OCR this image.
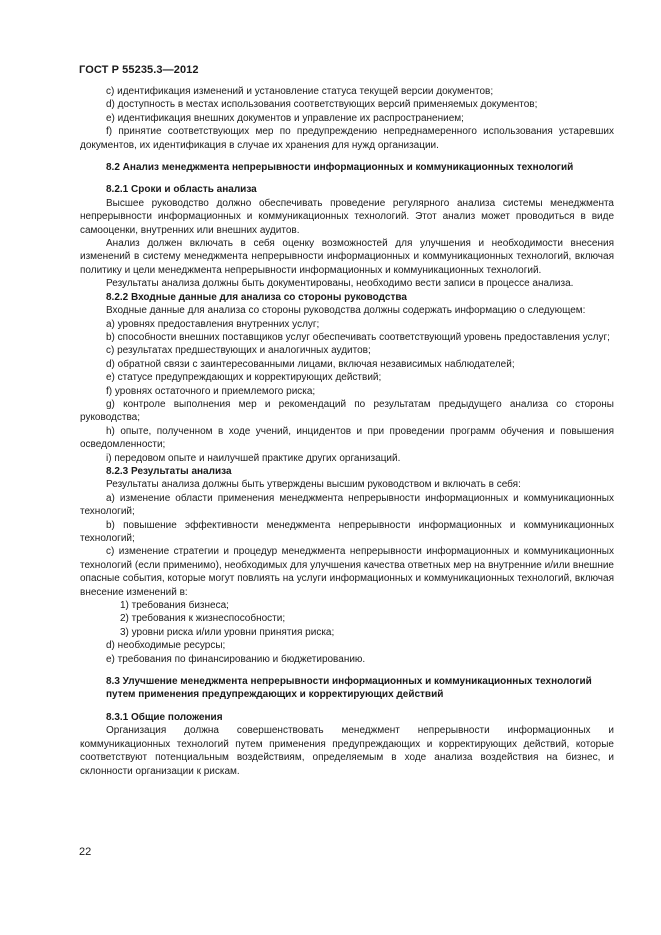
ГОСТ Р 55235.3—2012

c) идентификация изменений и установление статуса текущей версии документов;

d) доступность в местах использования соответствующих версий применяемых документов;

e) идентификация внешних документов и управление их распространением;

f) принятие соответствующих мер по предупреждению непреднамеренного использования устаревших документов, их идентификация в случае их хранения для нужд организации.

8.2 Анализ менеджмента непрерывности информационных и коммуникационных технологий

8.2.1 Сроки и область анализа

Высшее руководство должно обеспечивать проведение регулярного анализа системы менеджмента непрерывности информационных и коммуникационных технологий. Этот анализ может проводиться в виде самооценки, внутренних или внешних аудитов.

Анализ должен включать в себя оценку возможностей для улучшения и необходимости внесения изменений в систему менеджмента непрерывности информационных и коммуникационных технологий, включая политику и цели менеджмента непрерывности информационных и коммуникационных технологий.

Результаты анализа должны быть документированы, необходимо вести записи в процессе анализа.

8.2.2 Входные данные для анализа со стороны руководства

Входные данные для анализа со стороны руководства должны содержать информацию о следующем:

a) уровнях предоставления внутренних услуг;

b) способности внешних поставщиков услуг обеспечивать соответствующий уровень предоставления услуг;

c) результатах предшествующих и аналогичных аудитов;

d) обратной связи с заинтересованными лицами, включая независимых наблюдателей;

e) статусе предупреждающих и корректирующих действий;

f) уровнях остаточного и приемлемого риска;

g) контроле выполнения мер и рекомендаций по результатам предыдущего анализа со стороны руководства;

h) опыте, полученном в ходе учений, инцидентов и при проведении программ обучения и повышения осведомленности;

i) передовом опыте и наилучшей практике других организаций.

8.2.3 Результаты анализа

Результаты анализа должны быть утверждены высшим руководством и включать в себя:

a) изменение области применения менеджмента непрерывности информационных и коммуникационных технологий;

b) повышение эффективности менеджмента непрерывности информационных и коммуникационных технологий;

c) изменение стратегии и процедур менеджмента непрерывности информационных и коммуникационных технологий (если применимо), необходимых для улучшения качества ответных мер на внутренние и/или внешние опасные события, которые могут повлиять на услуги информационных и коммуникационных технологий, включая внесение изменений в:

1) требования бизнеса;

2) требования к жизнеспособности;

3) уровни риска и/или уровни принятия риска;

d) необходимые ресурсы;

e) требования по финансированию и бюджетированию.

8.3 Улучшение менеджмента непрерывности информационных и коммуникационных технологий путем применения предупреждающих и корректирующих действий

8.3.1 Общие положения

Организация должна совершенствовать менеджмент непрерывности информационных и коммуникационных технологий путем применения предупреждающих и корректирующих действий, которые соответствуют потенциальным воздействиям, определяемым в ходе анализа воздействия на бизнес, и склонности организации к рискам.

22
